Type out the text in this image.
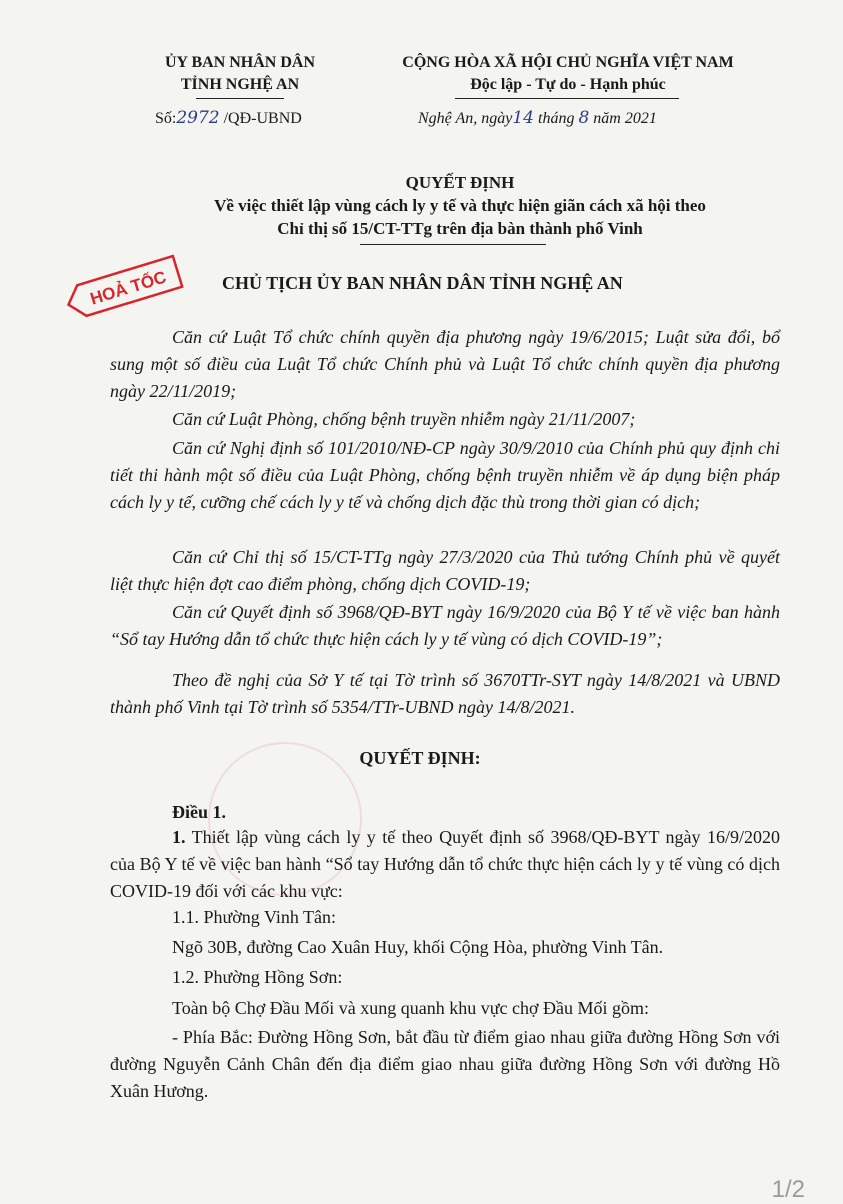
ỦY BAN NHÂN DÂN
TỈNH NGHỆ AN
Số:2972 /QĐ-UBND
CỘNG HÒA XÃ HỘI CHỦ NGHĨA VIỆT NAM
Độc lập - Tự do - Hạnh phúc
Nghệ An, ngày14 tháng 8 năm 2021
QUYẾT ĐỊNH
Về việc thiết lập vùng cách ly y tế và thực hiện giãn cách xã hội theo
Chỉ thị số 15/CT-TTg trên địa bàn thành phố Vinh
HOẢ TỐC	CHỦ TỊCH ỦY BAN NHÂN DÂN TỈNH NGHỆ AN
Căn cứ Luật Tổ chức chính quyền địa phương ngày 19/6/2015; Luật sửa đổi, bổ sung một số điều của Luật Tổ chức Chính phủ và Luật Tổ chức chính quyền địa phương ngày 22/11/2019;
Căn cứ Luật Phòng, chống bệnh truyền nhiễm ngày 21/11/2007;
Căn cứ Nghị định số 101/2010/NĐ-CP ngày 30/9/2010 của Chính phủ quy định chi tiết thi hành một số điều của Luật Phòng, chống bệnh truyền nhiễm về áp dụng biện pháp cách ly y tế, cưỡng chế cách ly y tế và chống dịch đặc thù trong thời gian có dịch;
Căn cứ Chỉ thị số 15/CT-TTg ngày 27/3/2020 của Thủ tướng Chính phủ về quyết liệt thực hiện đợt cao điểm phòng, chống dịch COVID-19;
Căn cứ Quyết định số 3968/QĐ-BYT ngày 16/9/2020 của Bộ Y tế về việc ban hành “Sổ tay Hướng dẫn tổ chức thực hiện cách ly y tế vùng có dịch COVID-19”;
Theo đề nghị của Sở Y tế tại Tờ trình số 3670TTr-SYT ngày 14/8/2021 và UBND thành phố Vinh tại Tờ trình số 5354/TTr-UBND ngày 14/8/2021.
QUYẾT ĐỊNH:
Điều 1.
1. Thiết lập vùng cách ly y tế theo Quyết định số 3968/QĐ-BYT ngày 16/9/2020 của Bộ Y tế về việc ban hành “Sổ tay Hướng dẫn tổ chức thực hiện cách ly y tế vùng có dịch COVID-19 đối với các khu vực:
1.1. Phường Vinh Tân:
Ngõ 30B, đường Cao Xuân Huy, khối Cộng Hòa, phường Vinh Tân.
1.2. Phường Hồng Sơn:
Toàn bộ Chợ Đầu Mối và xung quanh khu vực chợ Đầu Mối gồm:
- Phía Bắc: Đường Hồng Sơn, bắt đầu từ điểm giao nhau giữa đường Hồng Sơn với đường Nguyễn Cảnh Chân đến địa điểm giao nhau giữa đường Hồng Sơn với đường Hồ Xuân Hương.
1/2
